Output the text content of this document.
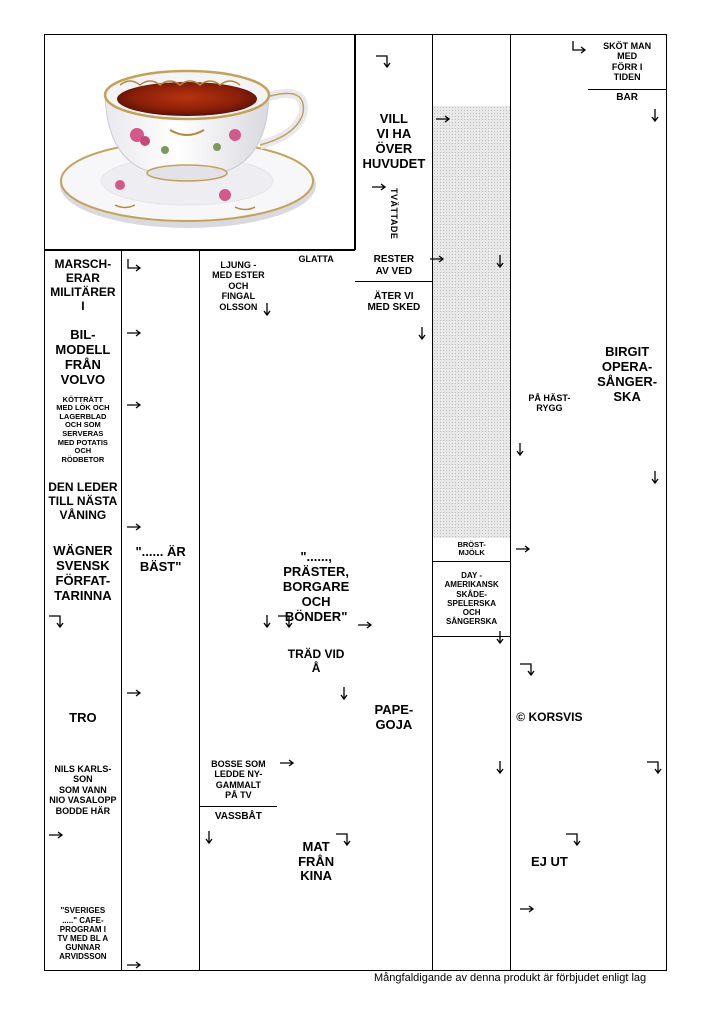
SKÖT MAN
MED
FÖRR I
TIDEN
BAR
VILL
VI HA
ÖVER
HUVUDET
TVÄTTADE
MARSCH-
ERAR
MILITÄRER
I
LJUNG -
MED ESTER
OCH
FINGAL
OLSSON
GLATTA	RESTER
AV VED
ÄTER VI
MED SKED
BIL-
MODELL
FRÅN
VOLVO
KÖTTRÄTT
MED LÖK OCH
LAGERBLAD
OCH SOM
SERVERAS
MED POTATIS
OCH
RÖDBETOR
PÅ HÄST-
RYGG
BIRGIT
OPERA-
SÅNGER-
SKA
DEN LEDER
TILL NÄSTA
VÅNING
WÄGNER
SVENSK
FÖRFAT-
TARINNA
"...... ÄR
BÄST"
"......,
PRÄSTER,
BORGARE
OCH
BÖNDER"
BRÖST-
MJÖLK
DAY -
AMERIKANSK
SKÅDE-
SPELERSKA
OCH
SÅNGERSKA
TRÄD VID
Å
TRO	PAPE-
GOJA	© KORSVIS
NILS KARLS-
SON
SOM VANN
NIO VASALOPP
BODDE HÄR
BOSSE SOM
LEDDE NY-
GAMMALT
PÅ TV
VASSBÅT
MAT
FRÅN
KINA
EJ UT
"SVERIGES
....." CAFE-
PROGRAM I
TV MED BL A
GUNNAR
ARVIDSSON
Mångfaldigande av denna produkt är förbjudet enligt lag
